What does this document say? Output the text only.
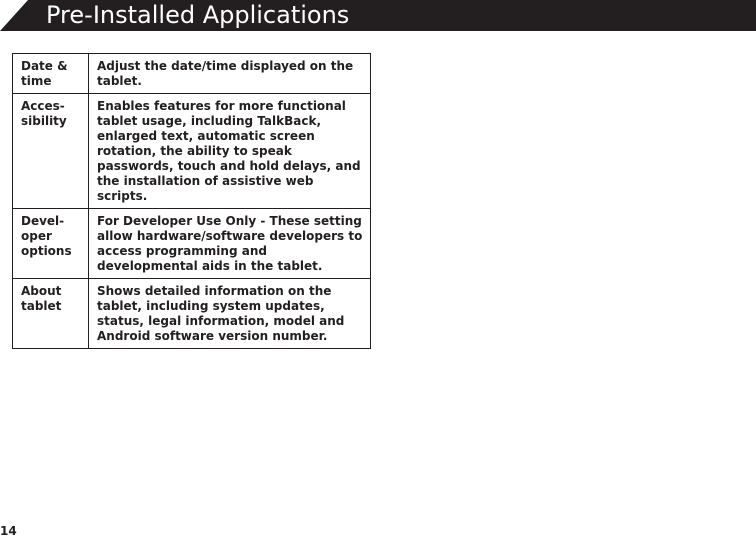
Pre-Installed Applications
Date & time	Adjust the date/time displayed on the tablet.
Acces-sibility	Enables features for more functional tablet usage, including TalkBack, enlarged text, automatic screen rotation, the ability to speak passwords, touch and hold delays, and the installation of assistive web scripts.
Devel-oper options	For Developer Use Only - These setting allow hardware/software developers to access programming and developmental aids in the tablet.
About tablet	Shows detailed information on the tablet, including system updates, status, legal information, model and Android software version number.
14
